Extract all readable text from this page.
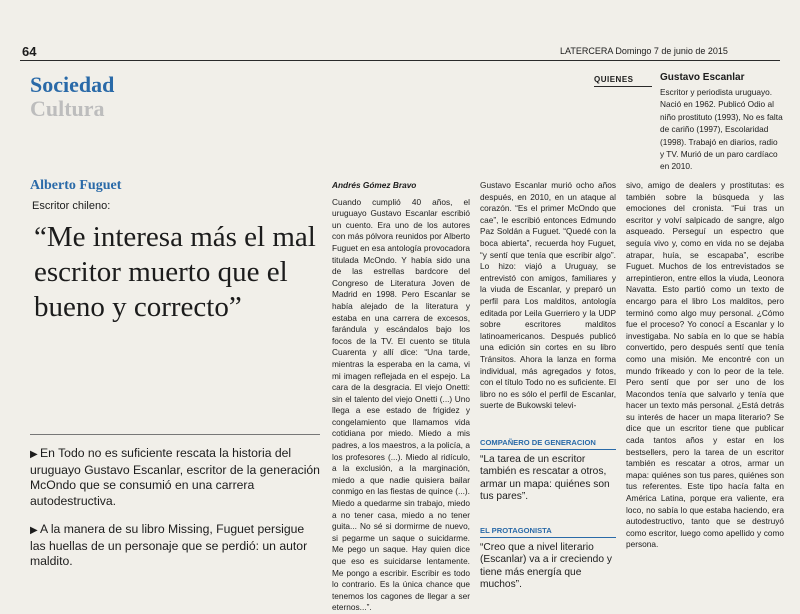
64	LATERCERA Domingo 7 de junio de 2015
Sociedad
Cultura
QUIENES	Gustavo Escanlar

Escritor y periodista uruguayo. Nació en 1962. Publicó Odio al niño prostituto (1993), No es falta de cariño (1997), Escolaridad (1998). Trabajó en diarios, radio y TV. Murió de un paro cardíaco en 2010.

Alberto Fuguet
Escritor chileno:
“Me interesa más el mal escritor muerto que el bueno y correcto”
▶ En Todo no es suficiente rescata la historia del uruguayo Gustavo Escanlar, escritor de la generación McOndo que se consumió en una carrera autodestructiva.
▶ A la manera de su libro Missing, Fuguet persigue las huellas de un personaje que se perdió: un autor maldito.

Andrés Gómez Bravo

Cuando cumplió 40 años, el uruguayo Gustavo Escanlar escribió un cuento. Era uno de los autores con más pólvora reunidos por Alberto Fuguet en esa antología provocadora titulada McOndo. Y había sido una de las estrellas bardcore del Congreso de Literatura Joven de Madrid en 1998. Pero Escanlar se había alejado de la literatura y estaba en una carrera de excesos, farándula y escándalos bajo los focos de la TV. El cuento se titula Cuarenta y allí dice: “Una tarde, mientras la esperaba en la cama, vi mi imagen reflejada en el espejo. La cara de la desgracia. El viejo Onetti: sin el talento del viejo Onetti (...) Uno llega a ese estado de frigidez y congelamiento que llamamos vida cotidiana por miedo. Miedo a mis padres, a los maestros, a la policía, a los profesores (...). Miedo al ridículo, a la exclusión, a la marginación, miedo a que nadie quisiera bailar conmigo en las fiestas de quince (...). Miedo a quedarme sin trabajo, miedo a no tener casa, miedo a no tener guita... No sé si dormirme de nuevo, si pegarme un saque o suicidarme. Me pego un saque. Hay quien dice que eso es suicidarse lentamente. Me pongo a escribir. Escribir es todo lo contrario. Es la única chance que tenemos los cagones de llegar a ser eternos...”.

Gustavo Escanlar murió ocho años después, en 2010, en un ataque al corazón. “Es el primer McOndo que cae”, le escribió entonces Edmundo Paz Soldán a Fuguet. “Quedé con la boca abierta”, recuerda hoy Fuguet, “y sentí que tenía que escribir algo”. Lo hizo: viajó a Uruguay, se entrevistó con amigos, familiares y la viuda de Escanlar, y preparó un perfil para Los malditos, antología editada por Leila Guerriero y la UDP sobre escritores malditos latinoamericanos. Después publicó una edición sin cortes en su libro Tránsitos. Ahora la lanza en forma individual, más agregados y fotos, con el título Todo no es suficiente. El libro no es sólo el perfil de Escanlar, suerte de Bukowski televi-

sivo, amigo de dealers y prostitutas: es también sobre la búsqueda y las emociones del cronista. “Fui tras un escritor y volví salpicado de sangre, algo asqueado. Perseguí un espectro que seguía vivo y, como en vida no se dejaba atrapar, huía, se escapaba”, escribe Fuguet. Muchos de los entrevistados se arrepintieron, entre ellos la viuda, Leonora Navatta. Esto partió como un texto de encargo para el libro Los malditos, pero terminó como algo muy personal. ¿Cómo fue el proceso? Yo conocí a Escanlar y lo investigaba. No sabía en lo que se había convertido, pero después sentí que tenía como una misión. Me encontré con un mundo frikeado y con lo peor de la tele. Pero sentí que por ser uno de los Macondos tenía que salvarlo y tenía que hacer un texto más personal. ¿Está detrás su interés de hacer un mapa literario? Se dice que un escritor tiene que publicar cada tantos años y estar en los bestsellers, pero la tarea de un escritor también es rescatar a otros, armar un mapa: quiénes son tus pares, quiénes son tus referentes. Este tipo hacía falta en América Latina, porque era valiente, era loco, no sabía lo que estaba haciendo, era autodestructivo, tanto que se destruyó como escritor, luego como apellido y como persona.

COMPAÑERO DE GENERACION

“La tarea de un escritor también es rescatar a otros, armar un mapa: quiénes son tus pares”.

EL PROTAGONISTA

“Creo que a nivel literario (Escanlar) va a ir creciendo y tiene más energía que muchos”.
